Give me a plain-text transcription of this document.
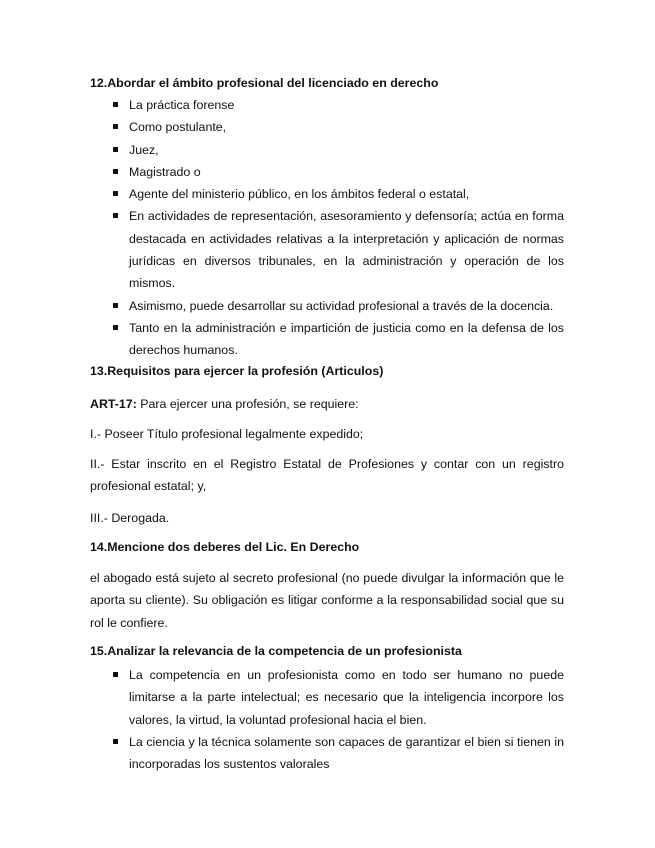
12.Abordar el ámbito profesional del licenciado en derecho
La práctica forense
Como postulante,
Juez,
Magistrado o
Agente del ministerio público, en los ámbitos federal o estatal,
En actividades de representación, asesoramiento y defensoría; actúa en forma destacada en actividades relativas a la interpretación y aplicación de normas jurídicas en diversos tribunales, en la administración y operación de los mismos.
Asimismo, puede desarrollar su actividad profesional a través de la docencia.
Tanto en la administración e impartición de justicia como en la defensa de los derechos humanos.
13.Requisitos para ejercer la profesión (Articulos)
ART-17: Para ejercer una profesión, se requiere:
I.- Poseer Título profesional legalmente expedido;

II.- Estar inscrito en el Registro Estatal de Profesiones y contar con un registro profesional estatal; y,

III.- Derogada.
14.Mencione dos deberes del Lic. En Derecho

el abogado está sujeto al secreto profesional (no puede divulgar la información que le aporta su cliente). Su obligación es litigar conforme a la responsabilidad social que su rol le confiere.

15.Analizar la relevancia de la competencia de un profesionista
La competencia en un profesionista como en todo ser humano no puede limitarse a la parte intelectual; es necesario que la inteligencia incorpore los valores, la virtud, la voluntad profesional hacia el bien.
La ciencia y la técnica solamente son capaces de garantizar el bien si tienen in incorporadas los sustentos valorales
